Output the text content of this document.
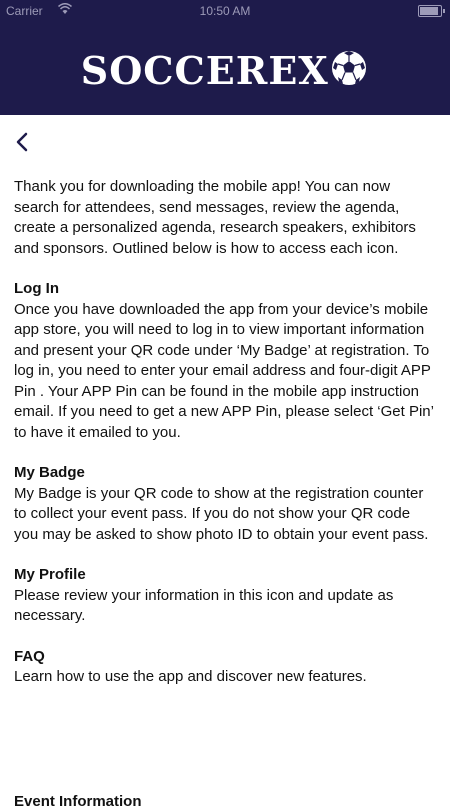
Carrier	10:50 AM
SOCCEREX

Thank you for downloading the mobile app! You can now search for attendees, send messages, review the agenda, create a personalized agenda, research speakers, exhibitors and sponsors. Outlined below is how to access each icon.

Log In

Once you have downloaded the app from your device’s mobile app store, you will need to log in to view important information and present your QR code under ‘My Badge’ at registration. To log in, you need to enter your email address and four-digit APP Pin . Your APP Pin can be found in the mobile app instruction email. If you need to get a new APP Pin, please select ‘Get Pin’ to have it emailed to you.

My Badge

My Badge is your QR code to show at the registration counter to collect your event pass. If you do not show your QR code you may be asked to show photo ID to obtain your event pass.

My Profile

Please review your information in this icon and update as necessary.

FAQ

Learn how to use the app and discover new features.

Event Information
